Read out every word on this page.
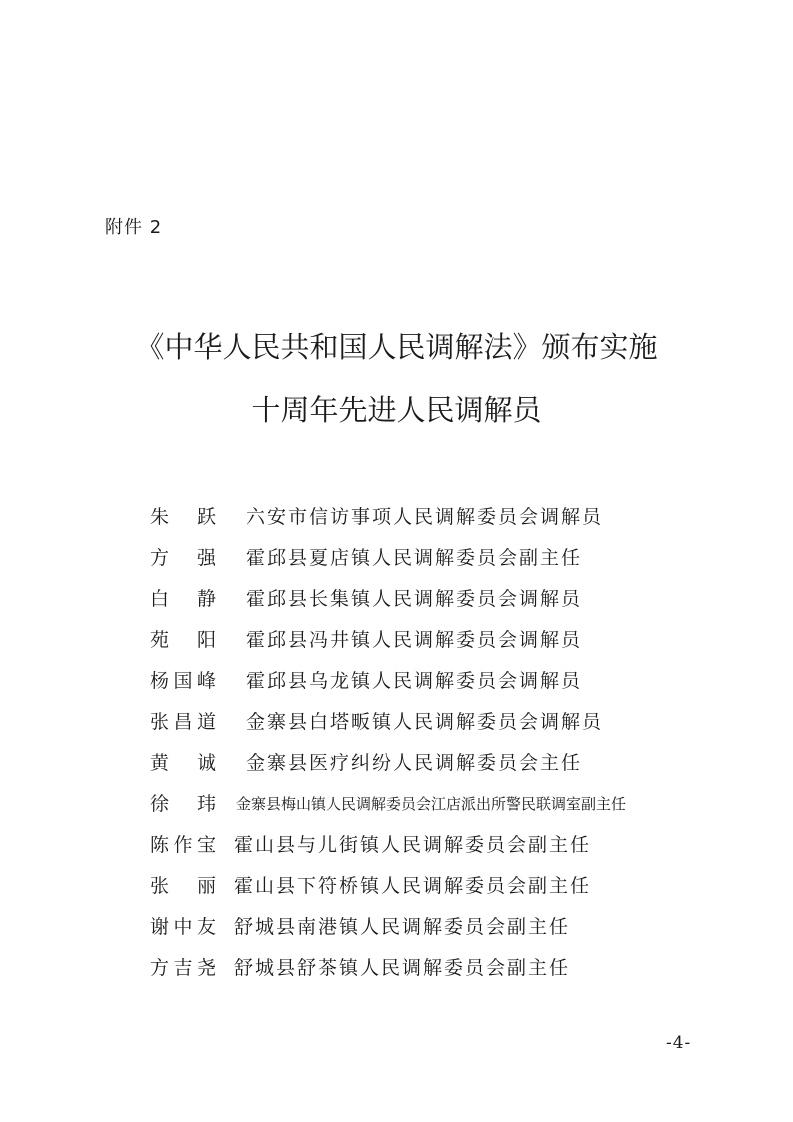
附件 2
《中华人民共和国人民调解法》颁布实施
十周年先进人民调解员
朱　跃 六安市信访事项人民调解委员会调解员
方　强 霍邱县夏店镇人民调解委员会副主任
白　静 霍邱县长集镇人民调解委员会调解员
苑　阳 霍邱县冯井镇人民调解委员会调解员
杨国峰 霍邱县乌龙镇人民调解委员会调解员
张昌道 金寨县白塔畈镇人民调解委员会调解员
黄　诚 金寨县医疗纠纷人民调解委员会主任
徐　玮 金寨县梅山镇人民调解委员会江店派出所警民联调室副主任
陈作宝 霍山县与儿街镇人民调解委员会副主任
张　丽 霍山县下符桥镇人民调解委员会副主任
谢中友 舒城县南港镇人民调解委员会副主任
方吉尧 舒城县舒茶镇人民调解委员会副主任
-4-
